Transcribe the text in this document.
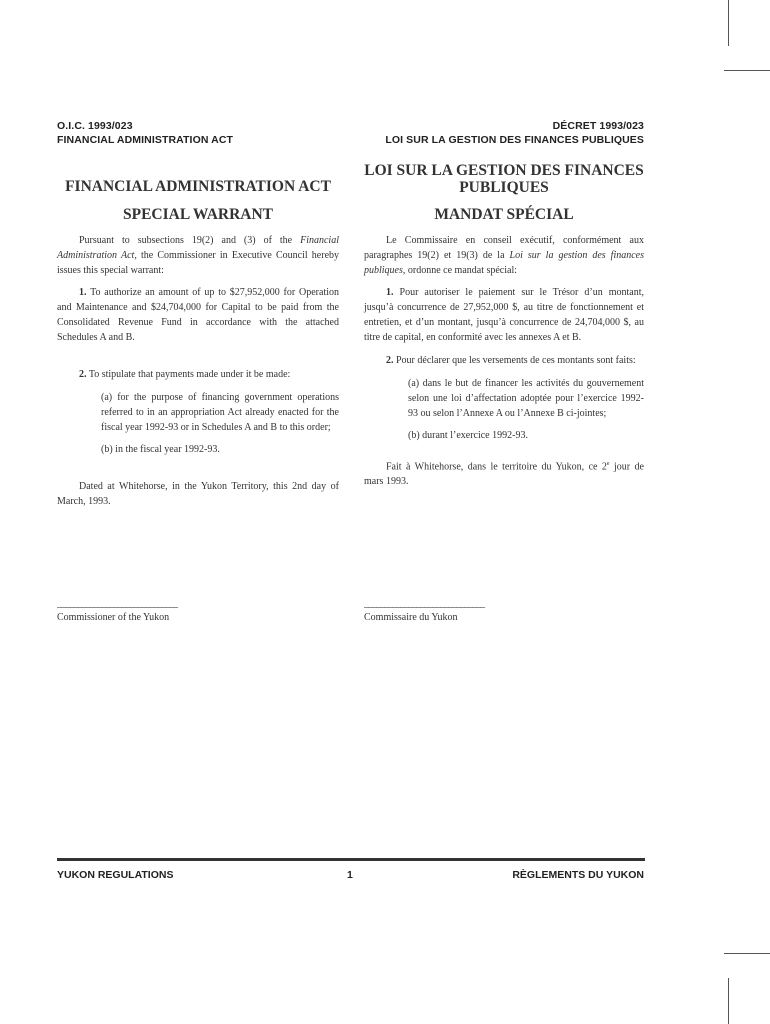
O.I.C. 1993/023
FINANCIAL ADMINISTRATION ACT
DÉCRET 1993/023
LOI SUR LA GESTION DES FINANCES PUBLIQUES
FINANCIAL ADMINISTRATION ACT
SPECIAL WARRANT
LOI SUR LA GESTION DES FINANCES PUBLIQUES
MANDAT SPÉCIAL

Pursuant to subsections 19(2) and (3) of the Financial Administration Act, the Commissioner in Executive Council hereby issues this special warrant:

1. To authorize an amount of up to $27,952,000 for Operation and Maintenance and $24,704,000 for Capital to be paid from the Consolidated Revenue Fund in accordance with the attached Schedules A and B.

2. To stipulate that payments made under it be made:

(a) for the purpose of financing government operations referred to in an appropriation Act already enacted for the fiscal year 1992-93 or in Schedules A and B to this order;

(b) in the fiscal year 1992-93.

Dated at Whitehorse, in the Yukon Territory, this 2nd day of March, 1993.

Le Commissaire en conseil exécutif, conformément aux paragraphes 19(2) et 19(3) de la Loi sur la gestion des finances publiques, ordonne ce mandat spécial:

1. Pour autoriser le paiement sur le Trésor d’un montant, jusqu’à concurrence de 27,952,000 $, au titre de fonctionnement et entretien, et d’un montant, jusqu’à concurrence de 24,704,000 $, au titre de capital, en conformité avec les annexes A et B.

2. Pour déclarer que les versements de ces montants sont faits:

(a) dans le but de financer les activités du gouvernement selon une loi d’affectation adoptée pour l’exercice 1992-93 ou selon l’Annexe A ou l’Annexe B ci-jointes;

(b) durant l’exercice 1992-93.

Fait à Whitehorse, dans le territoire du Yukon, ce 2e jour de mars 1993.

______________________________
Commissioner of the Yukon
______________________________
Commissaire du Yukon
YUKON REGULATIONS	1	RÈGLEMENTS DU YUKON
